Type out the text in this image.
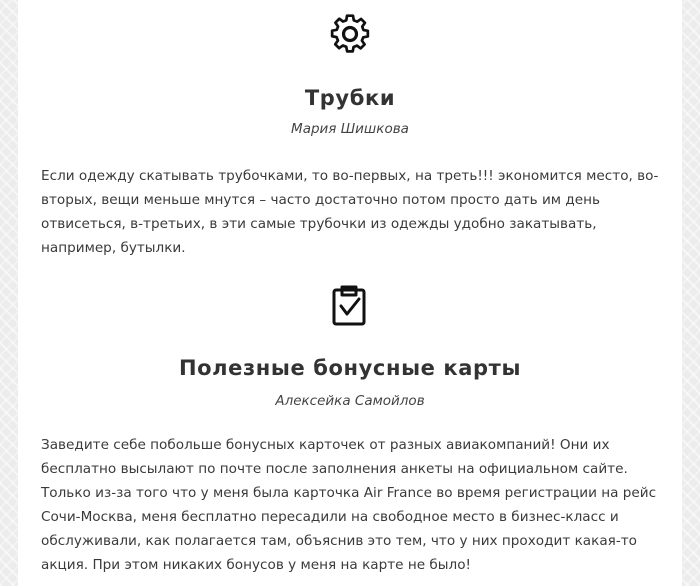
Трубки

Мария Шишкова

Если одежду скатывать трубочками, то во-первых, на треть!!! экономится место, во-вторых, вещи меньше мнутся – часто достаточно потом просто дать им день отвисеться, в-третьих, в эти самые трубочки из одежды удобно закатывать, например, бутылки.

Полезные бонусные карты

Алексейка Самойлов

Заведите себе побольше бонусных карточек от разных авиакомпаний! Они их бесплатно высылают по почте после заполнения анкеты на официальном сайте. Только из-за того что у меня была карточка Air France во время регистрации на рейс Сочи-Москва, меня бесплатно пересадили на свободное место в бизнес-класс и обслуживали, как полагается там, объяснив это тем, что у них проходит какая-то акция. При этом никаких бонусов у меня на карте не было!
